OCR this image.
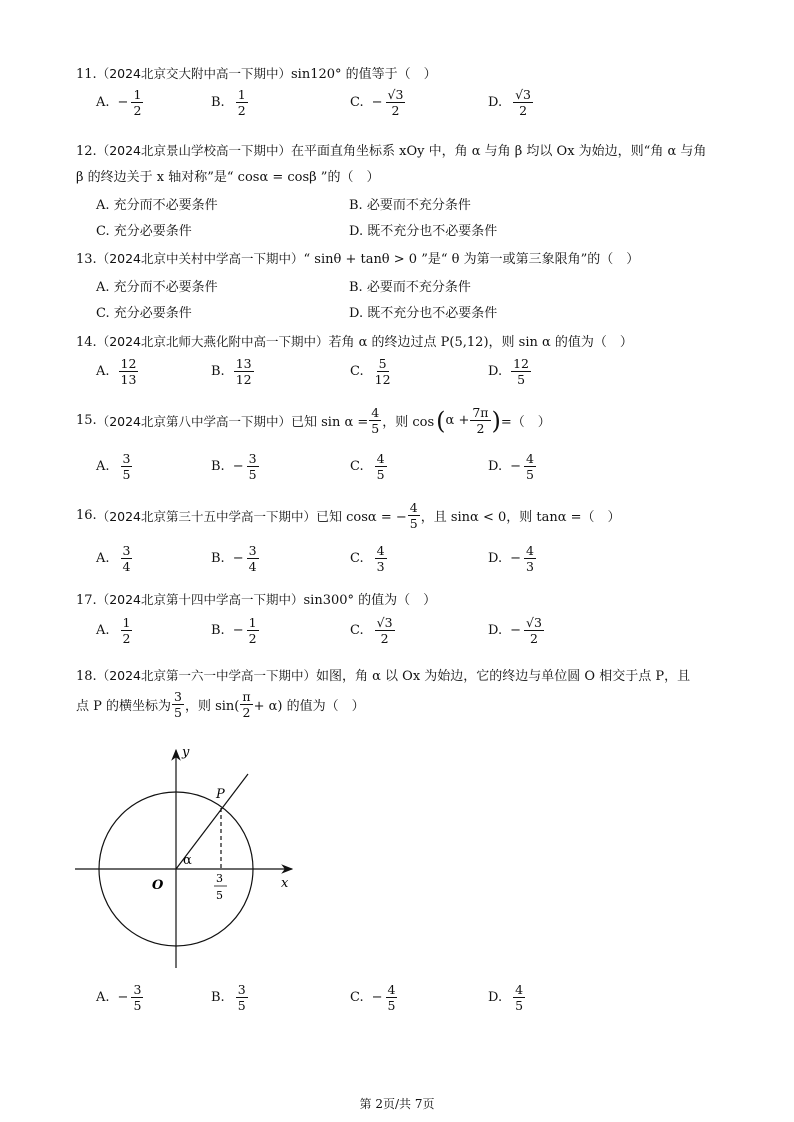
11.（2024北京交大附中高一下期中）sin120° 的值等于（　）
A. − $\frac{1}{2}$	B. $\frac{1}{2}$	C. − $\frac{√3}{2}$	D. $\frac{√3}{2}$
12.（2024北京景山学校高一下期中）在平面直角坐标系 xOy 中，角 α 与角 β 均以 Ox 为始边，则“角 α 与角
β 的终边关于 x 轴对称”是“ cosα = cosβ ”的（　）
A. 充分而不必要条件	B. 必要而不充分条件
C. 充分必要条件	D. 既不充分也不必要条件
13.（2024北京中关村中学高一下期中）“ sinθ + tanθ > 0 ”是“ θ 为第一或第三象限角”的（　）
A. 充分而不必要条件	B. 必要而不充分条件
C. 充分必要条件	D. 既不充分也不必要条件
14.（2024北京北师大燕化附中高一下期中）若角 α 的终边过点 P(5,12)，则 sin α 的值为（　）
A. $\frac{12}{13}$	B. $\frac{13}{12}$	C. $\frac{5}{12}$	D. $\frac{12}{5}$
15. （2024北京第八中学高一下期中） 已知 $\sin \alpha = \frac{4}{5}$ ，则 cos ( $\alpha + \frac{7\pi}{2}$ ) =（　）
A. $\frac{3}{5}$	B. − $\frac{3}{5}$	C. $\frac{4}{5}$	D. − $\frac{4}{5}$
16. （2024北京第三十五中学高一下期中） 已知 cosα = − $\frac{4}{5}$ ，且 sinα < 0，则 tanα =（　）
A. $\frac{3}{4}$	B. − $\frac{3}{4}$	C. $\frac{4}{3}$	D. − $\frac{4}{3}$
17.（2024北京第十四中学高一下期中）sin300° 的值为（　）
A. $\frac{1}{2}$	B. − $\frac{1}{2}$	C. $\frac{√3}{2}$	D. − $\frac{√3}{2}$
18.（2024北京第一六一中学高一下期中）如图，角 α 以 Ox 为始边，它的终边与单位圆 O 相交于点 P，且
点 P 的横坐标为 $\frac{3}{5}$ ，则 $\sin( \frac{\pi}{2} + \alpha)$ 的值为（　）
y
x
P
O
α
3
5
A. − $\frac{3}{5}$	B. $\frac{3}{5}$	C. − $\frac{4}{5}$	D. $\frac{4}{5}$
第 2页/共 7页
